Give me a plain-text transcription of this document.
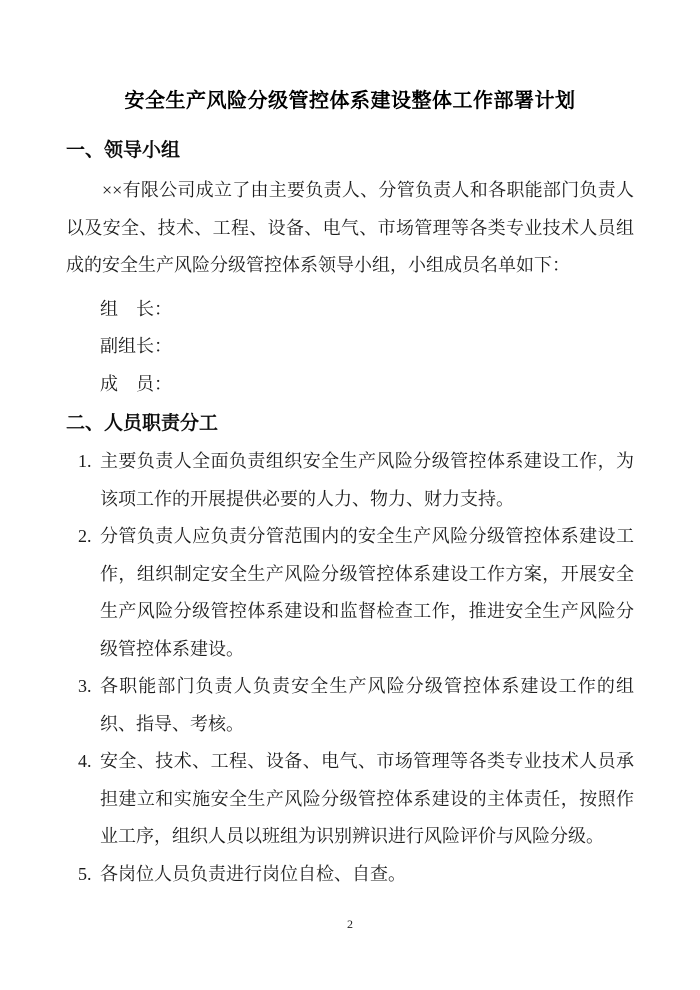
安全生产风险分级管控体系建设整体工作部署计划
一、领导小组
××有限公司成立了由主要负责人、分管负责人和各职能部门负责人以及安全、技术、工程、设备、电气、市场管理等各类专业技术人员组成的安全生产风险分级管控体系领导小组，小组成员名单如下：
组　长：
副组长：
成　员：
二、人员职责分工
1. 主要负责人全面负责组织安全生产风险分级管控体系建设工作，为该项工作的开展提供必要的人力、物力、财力支持。
2. 分管负责人应负责分管范围内的安全生产风险分级管控体系建设工作，组织制定安全生产风险分级管控体系建设工作方案，开展安全生产风险分级管控体系建设和监督检查工作，推进安全生产风险分级管控体系建设。
3. 各职能部门负责人负责安全生产风险分级管控体系建设工作的组织、指导、考核。
4. 安全、技术、工程、设备、电气、市场管理等各类专业技术人员承担建立和实施安全生产风险分级管控体系建设的主体责任，按照作业工序，组织人员以班组为识别辨识进行风险评价与风险分级。
5. 各岗位人员负责进行岗位自检、自查。
2
